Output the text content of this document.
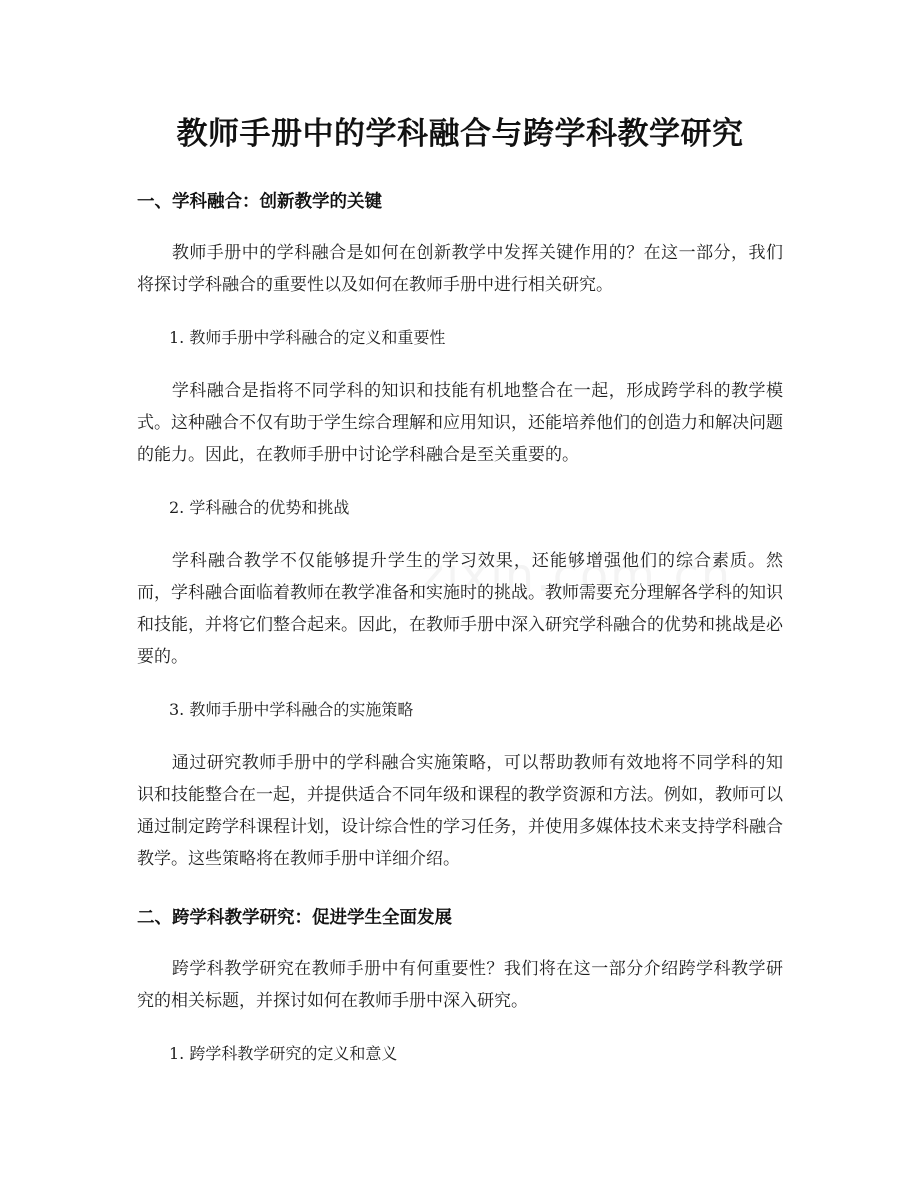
教师手册中的学科融合与跨学科教学研究
一、学科融合：创新教学的关键

教师手册中的学科融合是如何在创新教学中发挥关键作用的？在这一部分，我们将探讨学科融合的重要性以及如何在教师手册中进行相关研究。

1. 教师手册中学科融合的定义和重要性

学科融合是指将不同学科的知识和技能有机地整合在一起，形成跨学科的教学模式。这种融合不仅有助于学生综合理解和应用知识，还能培养他们的创造力和解决问题的能力。因此，在教师手册中讨论学科融合是至关重要的。

2. 学科融合的优势和挑战

学科融合教学不仅能够提升学生的学习效果，还能够增强他们的综合素质。然而，学科融合面临着教师在教学准备和实施时的挑战。教师需要充分理解各学科的知识和技能，并将它们整合起来。因此，在教师手册中深入研究学科融合的优势和挑战是必要的。

3. 教师手册中学科融合的实施策略

通过研究教师手册中的学科融合实施策略，可以帮助教师有效地将不同学科的知识和技能整合在一起，并提供适合不同年级和课程的教学资源和方法。例如，教师可以通过制定跨学科课程计划，设计综合性的学习任务，并使用多媒体技术来支持学科融合教学。这些策略将在教师手册中详细介绍。

二、跨学科教学研究：促进学生全面发展

跨学科教学研究在教师手册中有何重要性？我们将在这一部分介绍跨学科教学研究的相关标题，并探讨如何在教师手册中深入研究。

1. 跨学科教学研究的定义和意义
